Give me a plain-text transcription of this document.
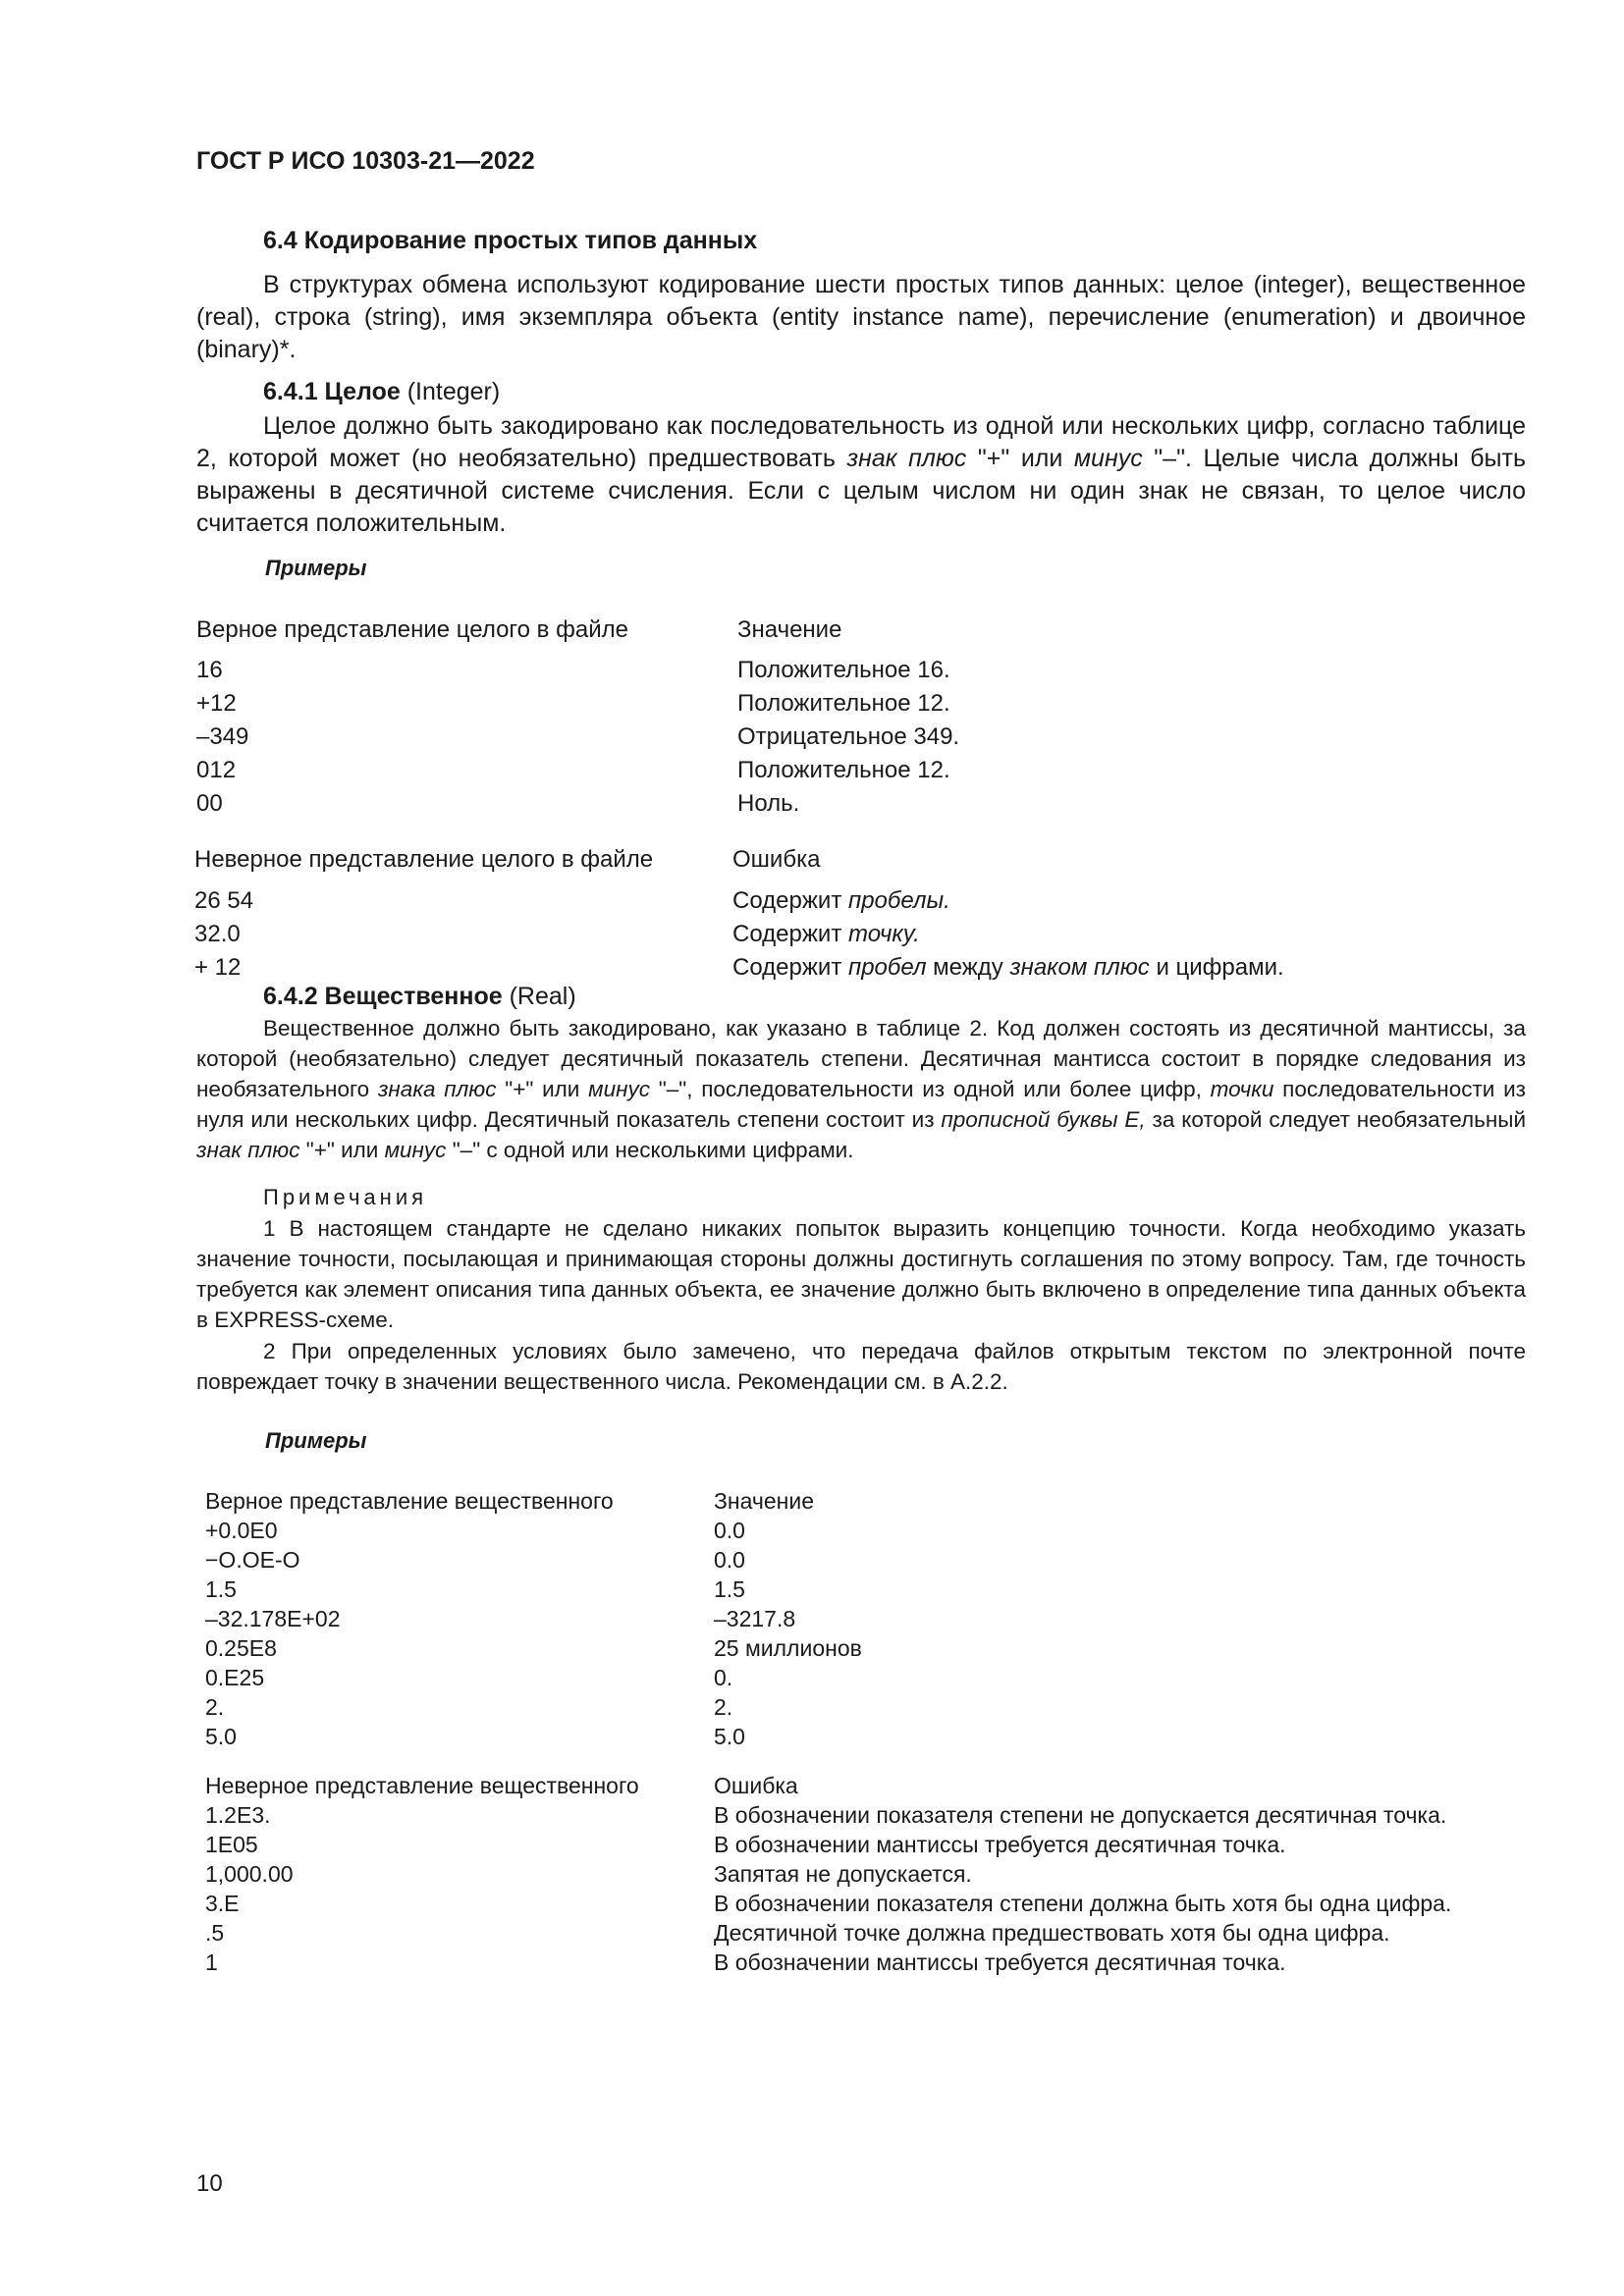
ГОСТ Р ИСО 10303-21—2022
6.4 Кодирование простых типов данных

В структурах обмена используют кодирование шести простых типов данных: целое (integer), вещественное (real), строка (string), имя экземпляра объекта (entity instance name), перечисление (enumeration) и двоичное (binary)*.

6.4.1 Целое (Integer)

Целое должно быть закодировано как последовательность из одной или нескольких цифр, согласно таблице 2, которой может (но необязательно) предшествовать знак плюс "+" или минус "–". Целые числа должны быть выражены в десятичной системе счисления. Если с целым числом ни один знак не связан, то целое число считается положительным.

Примеры
Верное представление целого в файле	Значение
16	Положительное 16.
+12	Положительное 12.
–349	Отрицательное 349.
012	Положительное 12.
00	Ноль.
Неверное представление целого в файле	Ошибка
26 54	Содержит пробелы.
32.0	Содержит точку.
+ 12	Содержит пробел между знаком плюс и цифрами.
6.4.2 Вещественное (Real)

Вещественное должно быть закодировано, как указано в таблице 2. Код должен состоять из десятичной мантиссы, за которой (необязательно) следует десятичный показатель степени. Десятичная мантисса состоит в порядке следования из необязательного знака плюс "+" или минус "–", последовательности из одной или более цифр, точки последовательности из нуля или нескольких цифр. Десятичный показатель степени состоит из прописной буквы E, за которой следует необязательный знак плюс "+" или минус "–" с одной или несколькими цифрами.

Примечания

1 В настоящем стандарте не сделано никаких попыток выразить концепцию точности. Когда необходимо указать значение точности, посылающая и принимающая стороны должны достигнуть соглашения по этому вопросу. Там, где точность требуется как элемент описания типа данных объекта, ее значение должно быть включено в определение типа данных объекта в EXPRESS-схеме.

2 При определенных условиях было замечено, что передача файлов открытым текстом по электронной почте повреждает точку в значении вещественного числа. Рекомендации см. в А.2.2.

Примеры
Верное представление вещественного	Значение
+0.0E0	0.0
−O.OE-O	0.0
1.5	1.5
–32.178E+02	–3217.8
0.25E8	25 миллионов
0.E25	0.
2.	2.
5.0	5.0
Неверное представление вещественного	Ошибка
1.2E3.	В обозначении показателя степени не допускается десятичная точка.
1E05	В обозначении мантиссы требуется десятичная точка.
1,000.00	Запятая не допускается.
3.E	В обозначении показателя степени должна быть хотя бы одна цифра.
.5	Десятичной точке должна предшествовать хотя бы одна цифра.
1	В обозначении мантиссы требуется десятичная точка.
10
